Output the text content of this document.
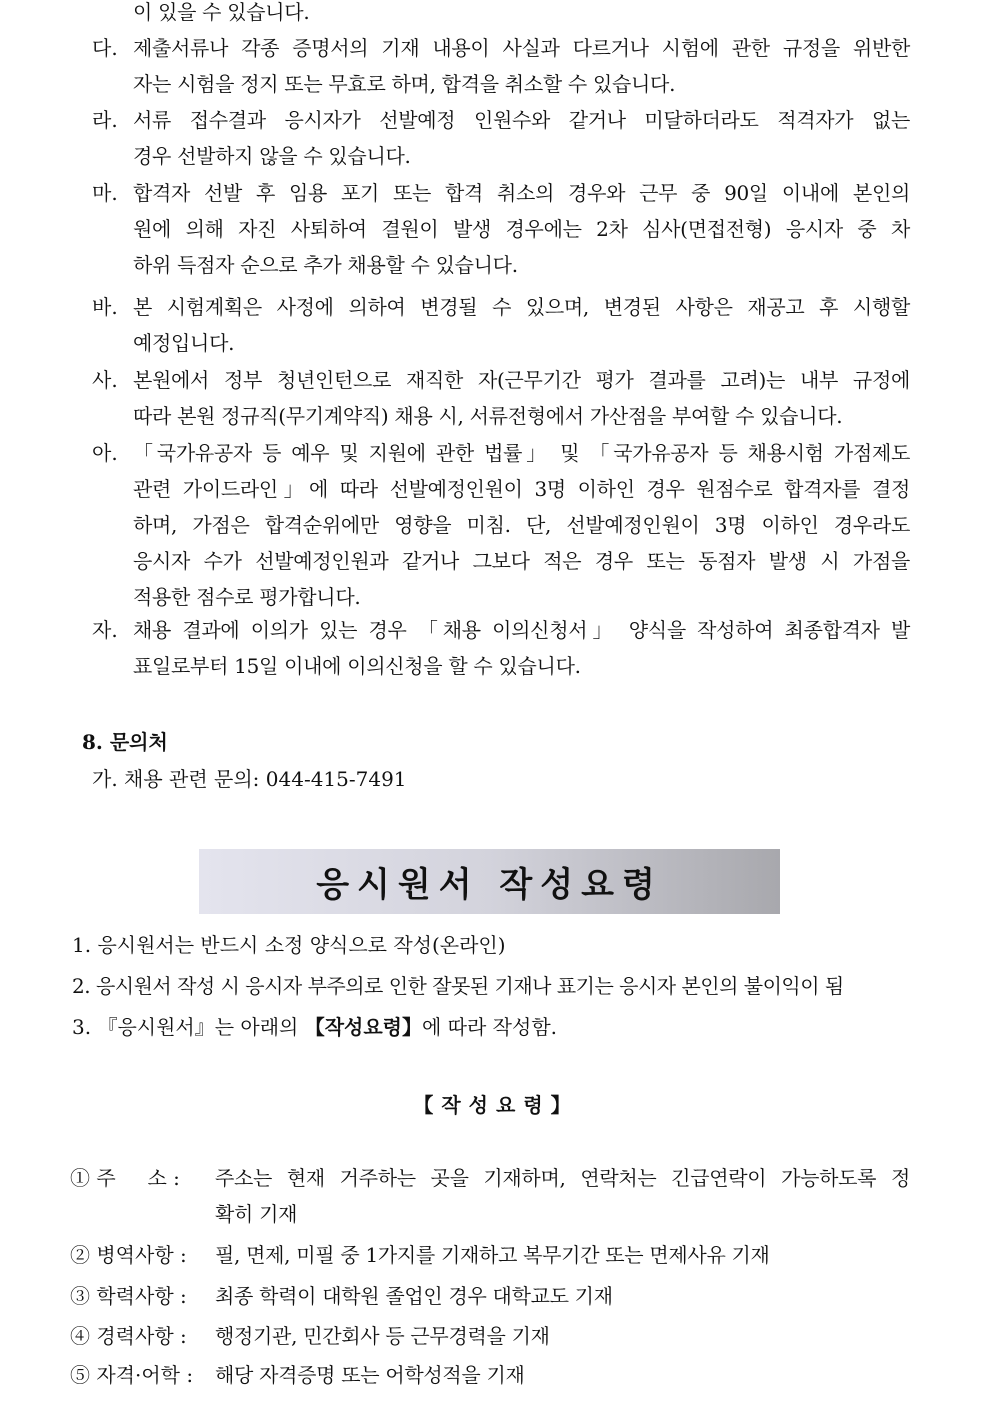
이 있을 수 있습니다.
다. 제출서류나 각종 증명서의 기재 내용이 사실과 다르거나 시험에 관한 규정을 위반한
자는 시험을 정지 또는 무효로 하며, 합격을 취소할 수 있습니다.
라. 서류 접수결과 응시자가 선발예정 인원수와 같거나 미달하더라도 적격자가 없는
경우 선발하지 않을 수 있습니다.
마. 합격자 선발 후 임용 포기 또는 합격 취소의 경우와 근무 중 90일 이내에 본인의
원에 의해 자진 사퇴하여 결원이 발생 경우에는 2차 심사(면접전형) 응시자 중 차
하위 득점자 순으로 추가 채용할 수 있습니다.
바. 본 시험계획은 사정에 의하여 변경될 수 있으며, 변경된 사항은 재공고 후 시행할
예정입니다.
사. 본원에서 정부 청년인턴으로 재직한 자(근무기간 평가 결과를 고려)는 내부 규정에
따라 본원 정규직(무기계약직) 채용 시, 서류전형에서 가산점을 부여할 수 있습니다.
아. 「국가유공자 등 예우 및 지원에 관한 법률」 및 「국가유공자 등 채용시험 가점제도
관련 가이드라인」에 따라 선발예정인원이 3명 이하인 경우 원점수로 합격자를 결정
하며, 가점은 합격순위에만 영향을 미침. 단, 선발예정인원이 3명 이하인 경우라도
응시자 수가 선발예정인원과 같거나 그보다 적은 경우 또는 동점자 발생 시 가점을
적용한 점수로 평가합니다.
자. 채용 결과에 이의가 있는 경우 「채용 이의신청서」 양식을 작성하여 최종합격자 발
표일로부터 15일 이내에 이의신청을 할 수 있습니다.
8. 문의처
가. 채용 관련 문의: 044-415-7491
응시원서 작성요령
1. 응시원서는 반드시 소정 양식으로 작성(온라인)
2. 응시원서 작성 시 응시자 부주의로 인한 잘못된 기재나 표기는 응시자 본인의 불이익이 됨
3. 『응시원서』는 아래의 【작성요령】에 따라 작성함.
【작성요령】
① 주     소 :	주소는 현재 거주하는 곳을 기재하며, 연락처는 긴급연락이 가능하도록 정
확히 기재
② 병역사항 :	필, 면제, 미필 중 1가지를 기재하고 복무기간 또는 면제사유 기재
③ 학력사항 :	최종 학력이 대학원 졸업인 경우 대학교도 기재
④ 경력사항 :	행정기관, 민간회사 등 근무경력을 기재
⑤ 자격·어학 :	해당 자격증명 또는 어학성적을 기재
